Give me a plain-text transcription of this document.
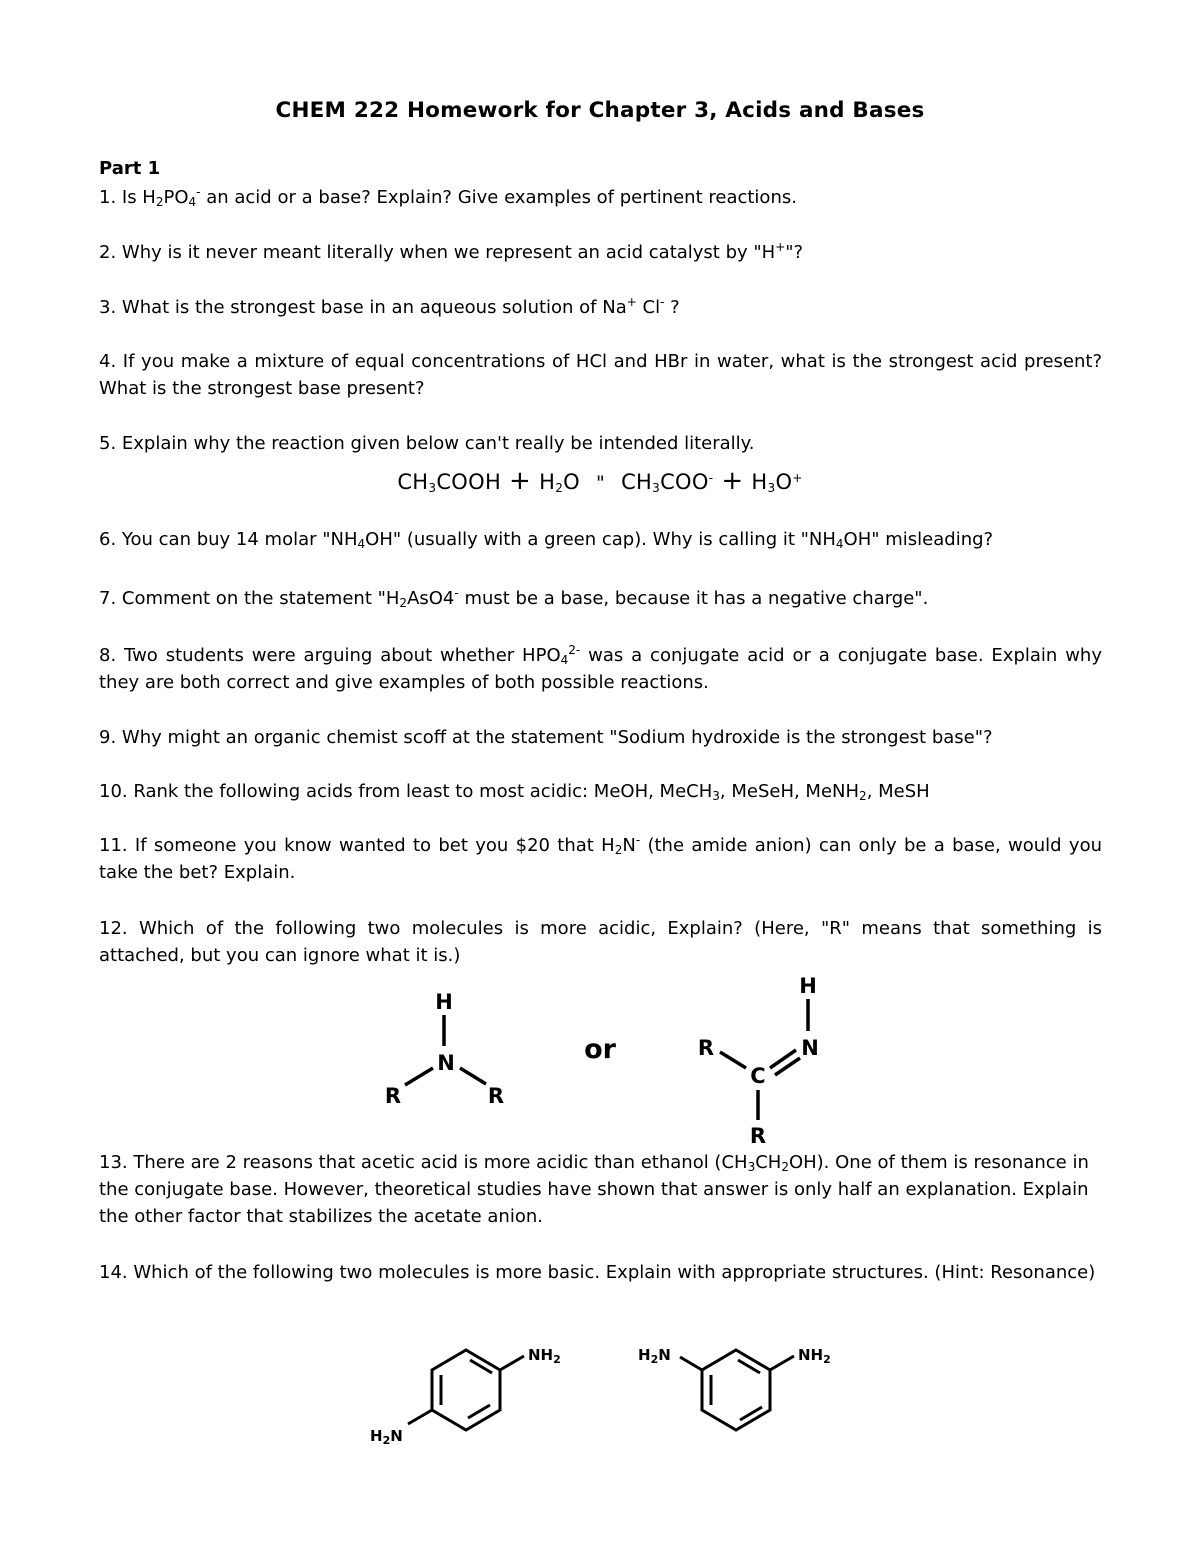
CHEM 222 Homework for Chapter 3, Acids and Bases
Part 1
1. Is $H_2PO_4^-$ an acid or a base? Explain? Give examples of pertinent reactions.
2. Why is it never meant literally when we represent an acid catalyst by "H+"?
3. What is the strongest base in an aqueous solution of Na+ Cl- ?
4. If you make a mixture of equal concentrations of HCl and HBr in water, what is the strongest acid present? What is the strongest base present?
5. Explain why the reaction given below can't really be intended literally.
$CH_3COOH + H_2O$ " $CH_3COO^- + H_3O^+$
6. You can buy 14 molar "$NH_4OH$" (usually with a green cap). Why is calling it "$NH_4OH$" misleading?
7. Comment on the statement "$H_2AsO4^-$ must be a base, because it has a negative charge".
8. Two students were arguing about whether $HPO_4^{2-}$ was a conjugate acid or a conjugate base. Explain why they are both correct and give examples of both possible reactions.
9. Why might an organic chemist scoff at the statement "Sodium hydroxide is the strongest base"?
10. Rank the following acids from least to most acidic: MeOH, MeCH$_3$, MeSeH, MeNH$_2$, MeSH
11. If someone you know wanted to bet you $20 that $H_2N^-$ (the amide anion) can only be a base, would you take the bet? Explain.
12. Which of the following two molecules is more acidic, Explain? (Here, "R" means that something is attached, but you can ignore what it is.)
H
N
R	R
or
H
N
R
C
R
13. There are 2 reasons that acetic acid is more acidic than ethanol $(CH_3CH_2OH)$. One of them is resonance in the conjugate base. However, theoretical studies have shown that answer is only half an explanation. Explain the other factor that stabilizes the acetate anion.
14. Which of the following two molecules is more basic. Explain with appropriate structures. (Hint: Resonance)
$NH_2$
$H_2N$
$H_2N$	$NH_2$
